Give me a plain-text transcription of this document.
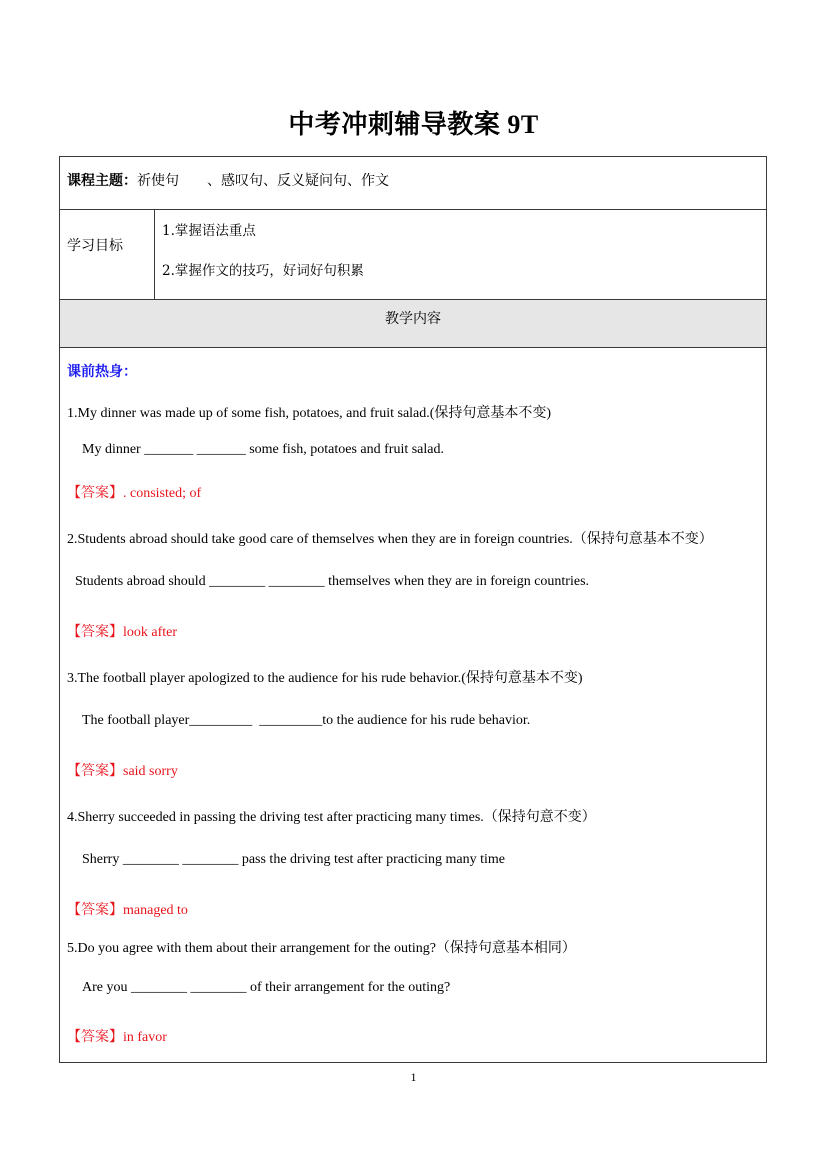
中考冲刺辅导教案 9T
课程主题：祈使句　　、感叹句、反义疑问句、作文
学习目标
1.掌握语法重点
2.掌握作文的技巧，好词好句积累
教学内容
课前热身：
1.My dinner was made up of some fish, potatoes, and fruit salad.(保持句意基本不变)
My dinner _______ _______ some fish, potatoes and fruit salad.
【答案】. consisted; of
2.Students abroad should take good care of themselves when they are in foreign countries.（保持句意基本不变）
Students abroad should ________ ________ themselves when they are in foreign countries.
【答案】look after
3.The football player apologized to the audience for his rude behavior.(保持句意基本不变)
The football player_________  _________to the audience for his rude behavior.
【答案】said sorry
4.Sherry succeeded in passing the driving test after practicing many times.（保持句意不变）
Sherry ________ ________ pass the driving test after practicing many time
【答案】managed to
5.Do you agree with them about their arrangement for the outing?（保持句意基本相同）
Are you ________ ________ of their arrangement for the outing?
【答案】in favor
1
